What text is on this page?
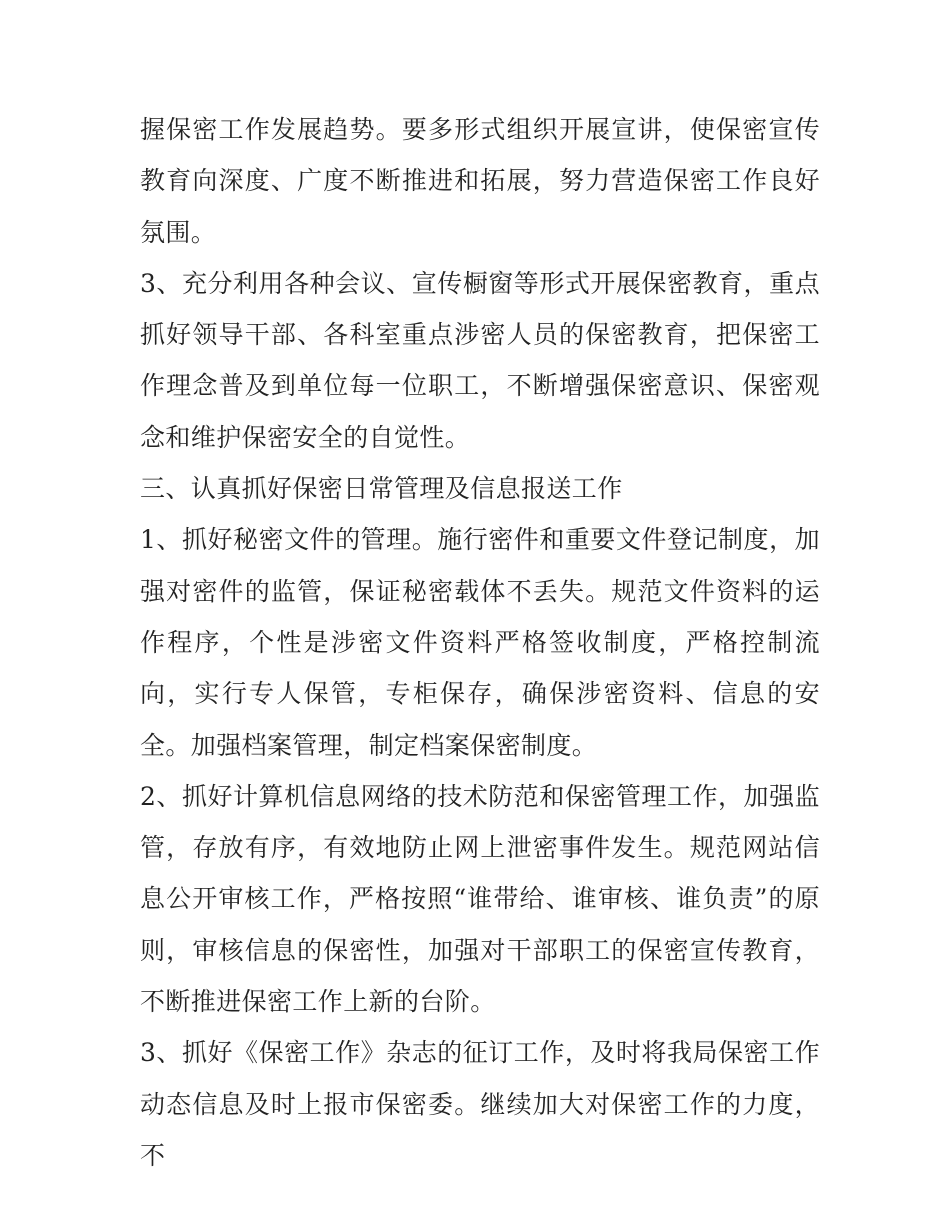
握保密工作发展趋势。要多形式组织开展宣讲，使保密宣传教育向深度、广度不断推进和拓展，努力营造保密工作良好氛围。

3、充分利用各种会议、宣传橱窗等形式开展保密教育，重点抓好领导干部、各科室重点涉密人员的保密教育，把保密工作理念普及到单位每一位职工，不断增强保密意识、保密观念和维护保密安全的自觉性。

三、认真抓好保密日常管理及信息报送工作

1、抓好秘密文件的管理。施行密件和重要文件登记制度，加强对密件的监管，保证秘密载体不丢失。规范文件资料的运作程序，个性是涉密文件资料严格签收制度，严格控制流向，实行专人保管，专柜保存，确保涉密资料、信息的安全。加强档案管理，制定档案保密制度。

2、抓好计算机信息网络的技术防范和保密管理工作，加强监管，存放有序，有效地防止网上泄密事件发生。规范网站信息公开审核工作，严格按照“谁带给、谁审核、谁负责”的原则，审核信息的保密性，加强对干部职工的保密宣传教育，不断推进保密工作上新的台阶。

3、抓好《保密工作》杂志的征订工作，及时将我局保密工作动态信息及时上报市保密委。继续加大对保密工作的力度，不
